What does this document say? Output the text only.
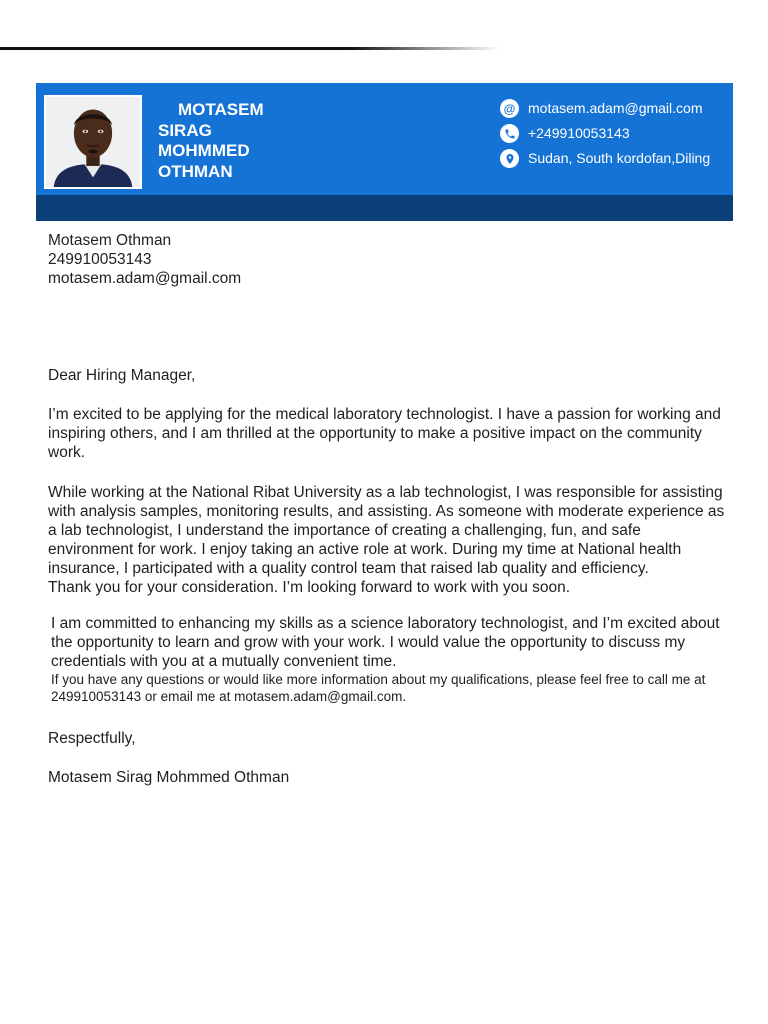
MOTASEM
SIRAG
MOHMMED
OTHMAN
@ motasem.adam@gmail.com
+249910053143
Sudan, South kordofan,Diling
Motasem Othman
249910053143
motasem.adam@gmail.com

Dear Hiring Manager,

I’m excited to be applying for the medical laboratory technologist. I have a passion for working and inspiring others, and I am thrilled at the opportunity to make a positive impact on the community work.

While working at the National Ribat University as a lab technologist, I was responsible for assisting with analysis samples, monitoring results, and assisting. As someone with moderate experience as a lab technologist, I understand the importance of creating a challenging, fun, and safe environment for work. I enjoy taking an active role at work. During my time at National health insurance, I participated with a quality control team that raised lab quality and efficiency.

Thank you for your consideration. I’m looking forward to work with you soon.

I am committed to enhancing my skills as a science laboratory technologist, and I’m excited about the opportunity to learn and grow with your work. I would value the opportunity to discuss my credentials with you at a mutually convenient time.

If you have any questions or would like more information about my qualifications, please feel free to call me at 249910053143 or email me at motasem.adam@gmail.com.

Respectfully,

Motasem Sirag Mohmmed Othman
